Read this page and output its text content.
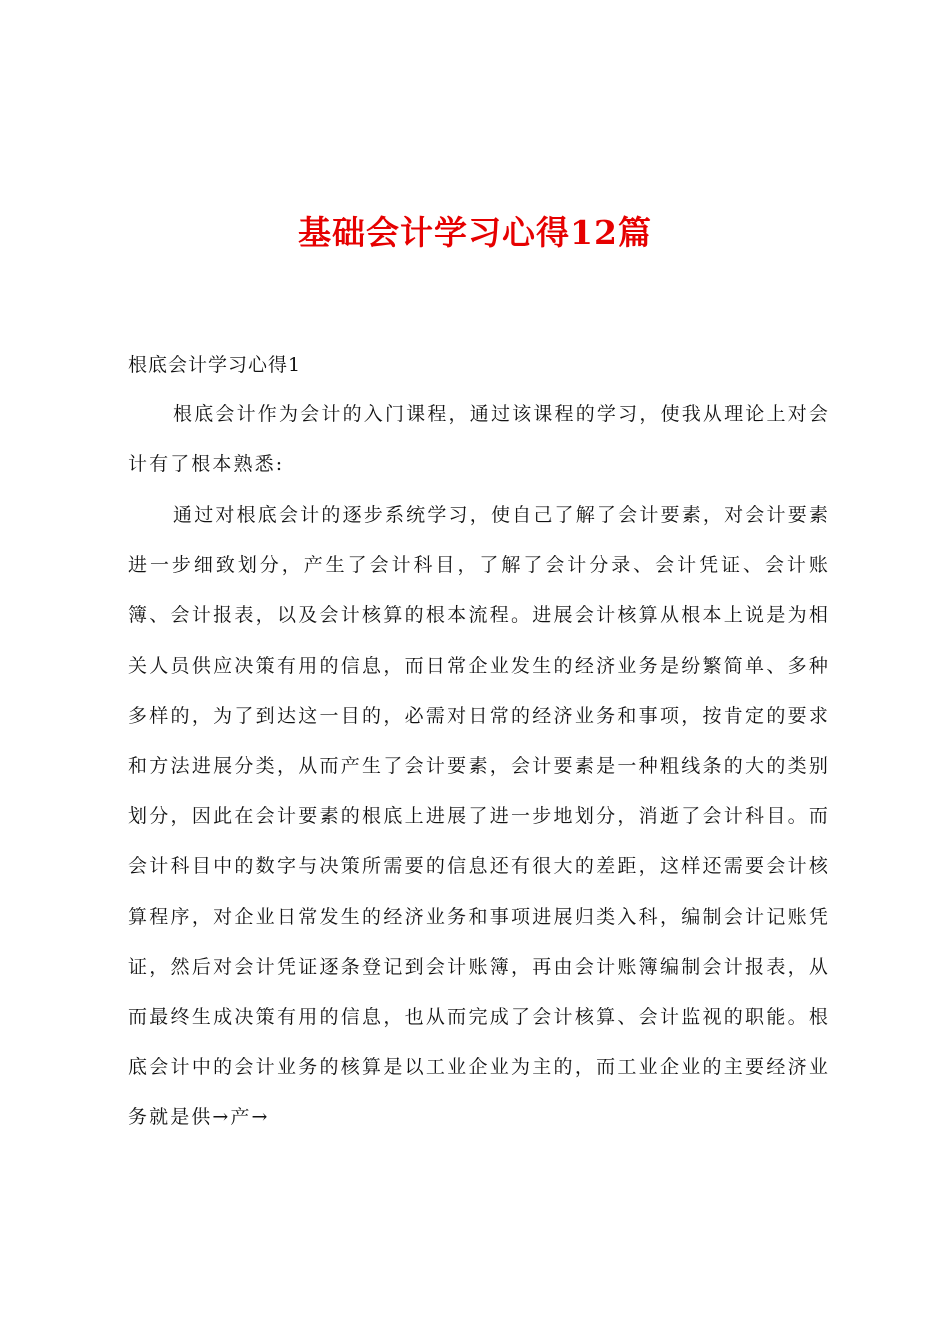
基础会计学习心得12篇
根底会计学习心得1

根底会计作为会计的入门课程，通过该课程的学习，使我从理论上对会计有了根本熟悉:

通过对根底会计的逐步系统学习，使自己了解了会计要素，对会计要素进一步细致划分，产生了会计科目，了解了会计分录、会计凭证、会计账簿、会计报表，以及会计核算的根本流程。进展会计核算从根本上说是为相关人员供应决策有用的信息，而日常企业发生的经济业务是纷繁简单、多种多样的，为了到达这一目的，必需对日常的经济业务和事项，按肯定的要求和方法进展分类，从而产生了会计要素，会计要素是一种粗线条的大的类别划分，因此在会计要素的根底上进展了进一步地划分，消逝了会计科目。而会计科目中的数字与决策所需要的信息还有很大的差距，这样还需要会计核算程序，对企业日常发生的经济业务和事项进展归类入科，编制会计记账凭证，然后对会计凭证逐条登记到会计账簿，再由会计账簿编制会计报表，从而最终生成决策有用的信息，也从而完成了会计核算、会计监视的职能。根底会计中的会计业务的核算是以工业企业为主的，而工业企业的主要经济业务就是供→产→
